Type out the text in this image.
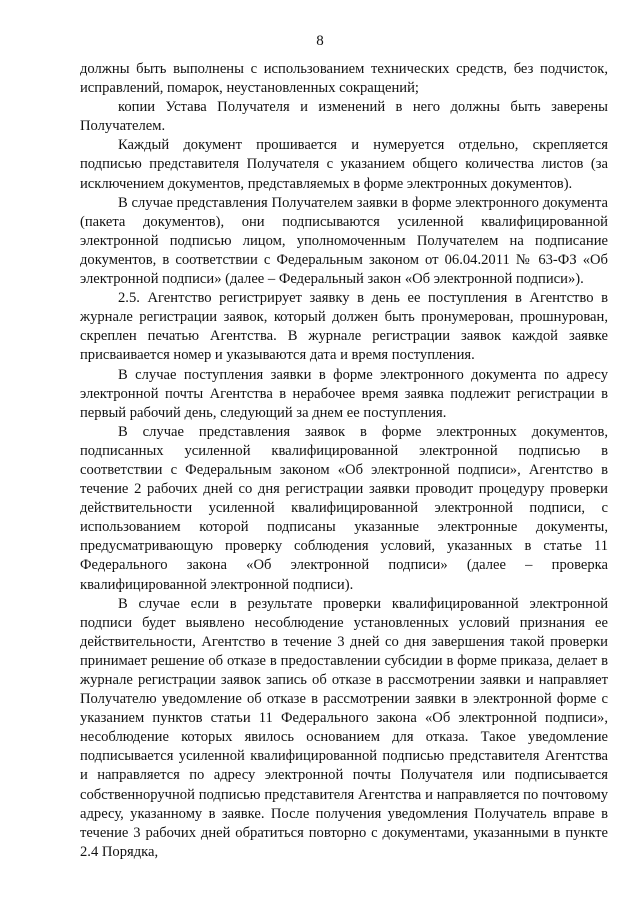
8

должны быть выполнены с использованием технических средств, без подчисток, исправлений, помарок, неустановленных сокращений;

копии Устава Получателя и изменений в него должны быть заверены Получателем.

Каждый документ прошивается и нумеруется отдельно, скрепляется подписью представителя Получателя с указанием общего количества листов (за исключением документов, представляемых в форме электронных документов).

В случае представления Получателем заявки в форме электронного документа (пакета документов), они подписываются усиленной квалифицированной электронной подписью лицом, уполномоченным Получателем на подписание документов, в соответствии с Федеральным законом от 06.04.2011 № 63-ФЗ «Об электронной подписи» (далее – Федеральный закон «Об электронной подписи»).

2.5. Агентство регистрирует заявку в день ее поступления в Агентство в журнале регистрации заявок, который должен быть пронумерован, прошнурован, скреплен печатью Агентства. В журнале регистрации заявок каждой заявке присваивается номер и указываются дата и время поступления.

В случае поступления заявки в форме электронного документа по адресу электронной почты Агентства в нерабочее время заявка подлежит регистрации в первый рабочий день, следующий за днем ее поступления.

В случае представления заявок в форме электронных документов, подписанных усиленной квалифицированной электронной подписью в соответствии с Федеральным законом «Об электронной подписи», Агентство в течение 2 рабочих дней со дня регистрации заявки проводит процедуру проверки действительности усиленной квалифицированной электронной подписи, с использованием которой подписаны указанные электронные документы, предусматривающую проверку соблюдения условий, указанных в статье 11 Федерального закона «Об электронной подписи» (далее – проверка квалифицированной электронной подписи).

В случае если в результате проверки квалифицированной электронной подписи будет выявлено несоблюдение установленных условий признания ее действительности, Агентство в течение 3 дней со дня завершения такой проверки принимает решение об отказе в предоставлении субсидии в форме приказа, делает в журнале регистрации заявок запись об отказе в рассмотрении заявки и направляет Получателю уведомление об отказе в рассмотрении заявки в электронной форме с указанием пунктов статьи 11 Федерального закона «Об электронной подписи», несоблюдение которых явилось основанием для отказа. Такое уведомление подписывается усиленной квалифицированной подписью представителя Агентства и направляется по адресу электронной почты Получателя или подписывается собственноручной подписью представителя Агентства и направляется по почтовому адресу, указанному в заявке. После получения уведомления Получатель вправе в течение 3 рабочих дней обратиться повторно с документами, указанными в пункте 2.4 Порядка,
